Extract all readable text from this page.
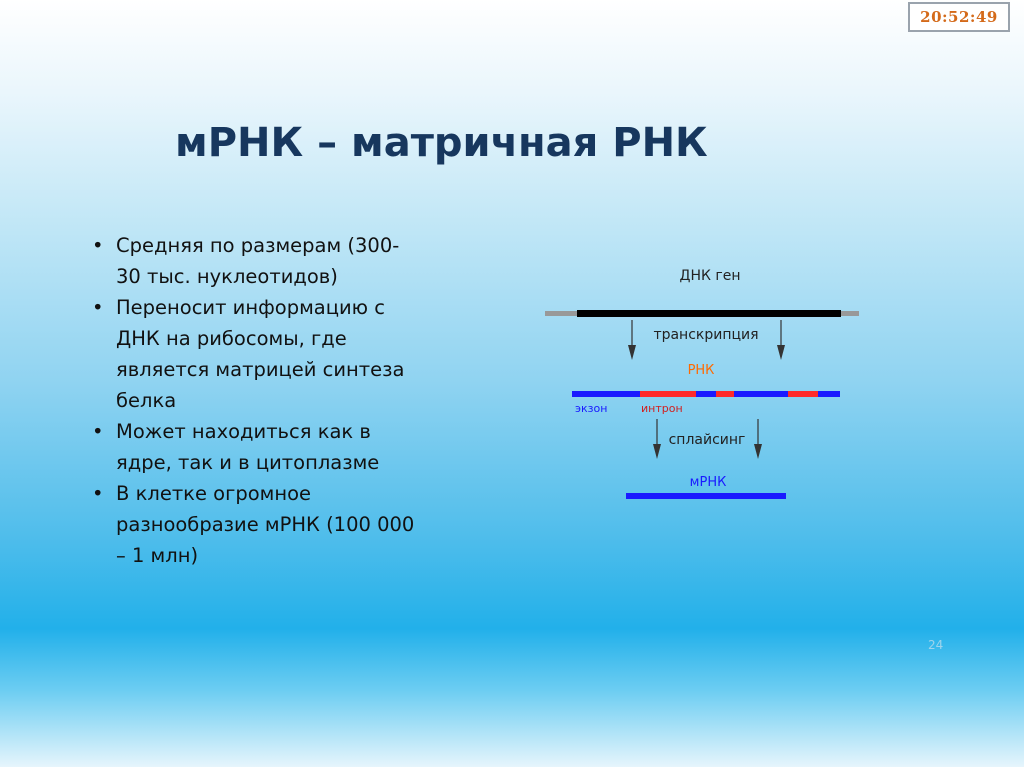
20:52:49
мРНК – матричная РНК
• Средняя по размерам (300-
30 тыс. нуклеотидов)
• Переносит информацию с
ДНК на рибосомы, где
является матрицей синтеза
белка
• Может находиться как в
ядре, так и в цитоплазме
• В клетке огромное
разнообразие мРНК (100 000
– 1 млн)
ДНК ген
транскрипция
РНК
экзон	интрон
сплайсинг
мРНК
24
